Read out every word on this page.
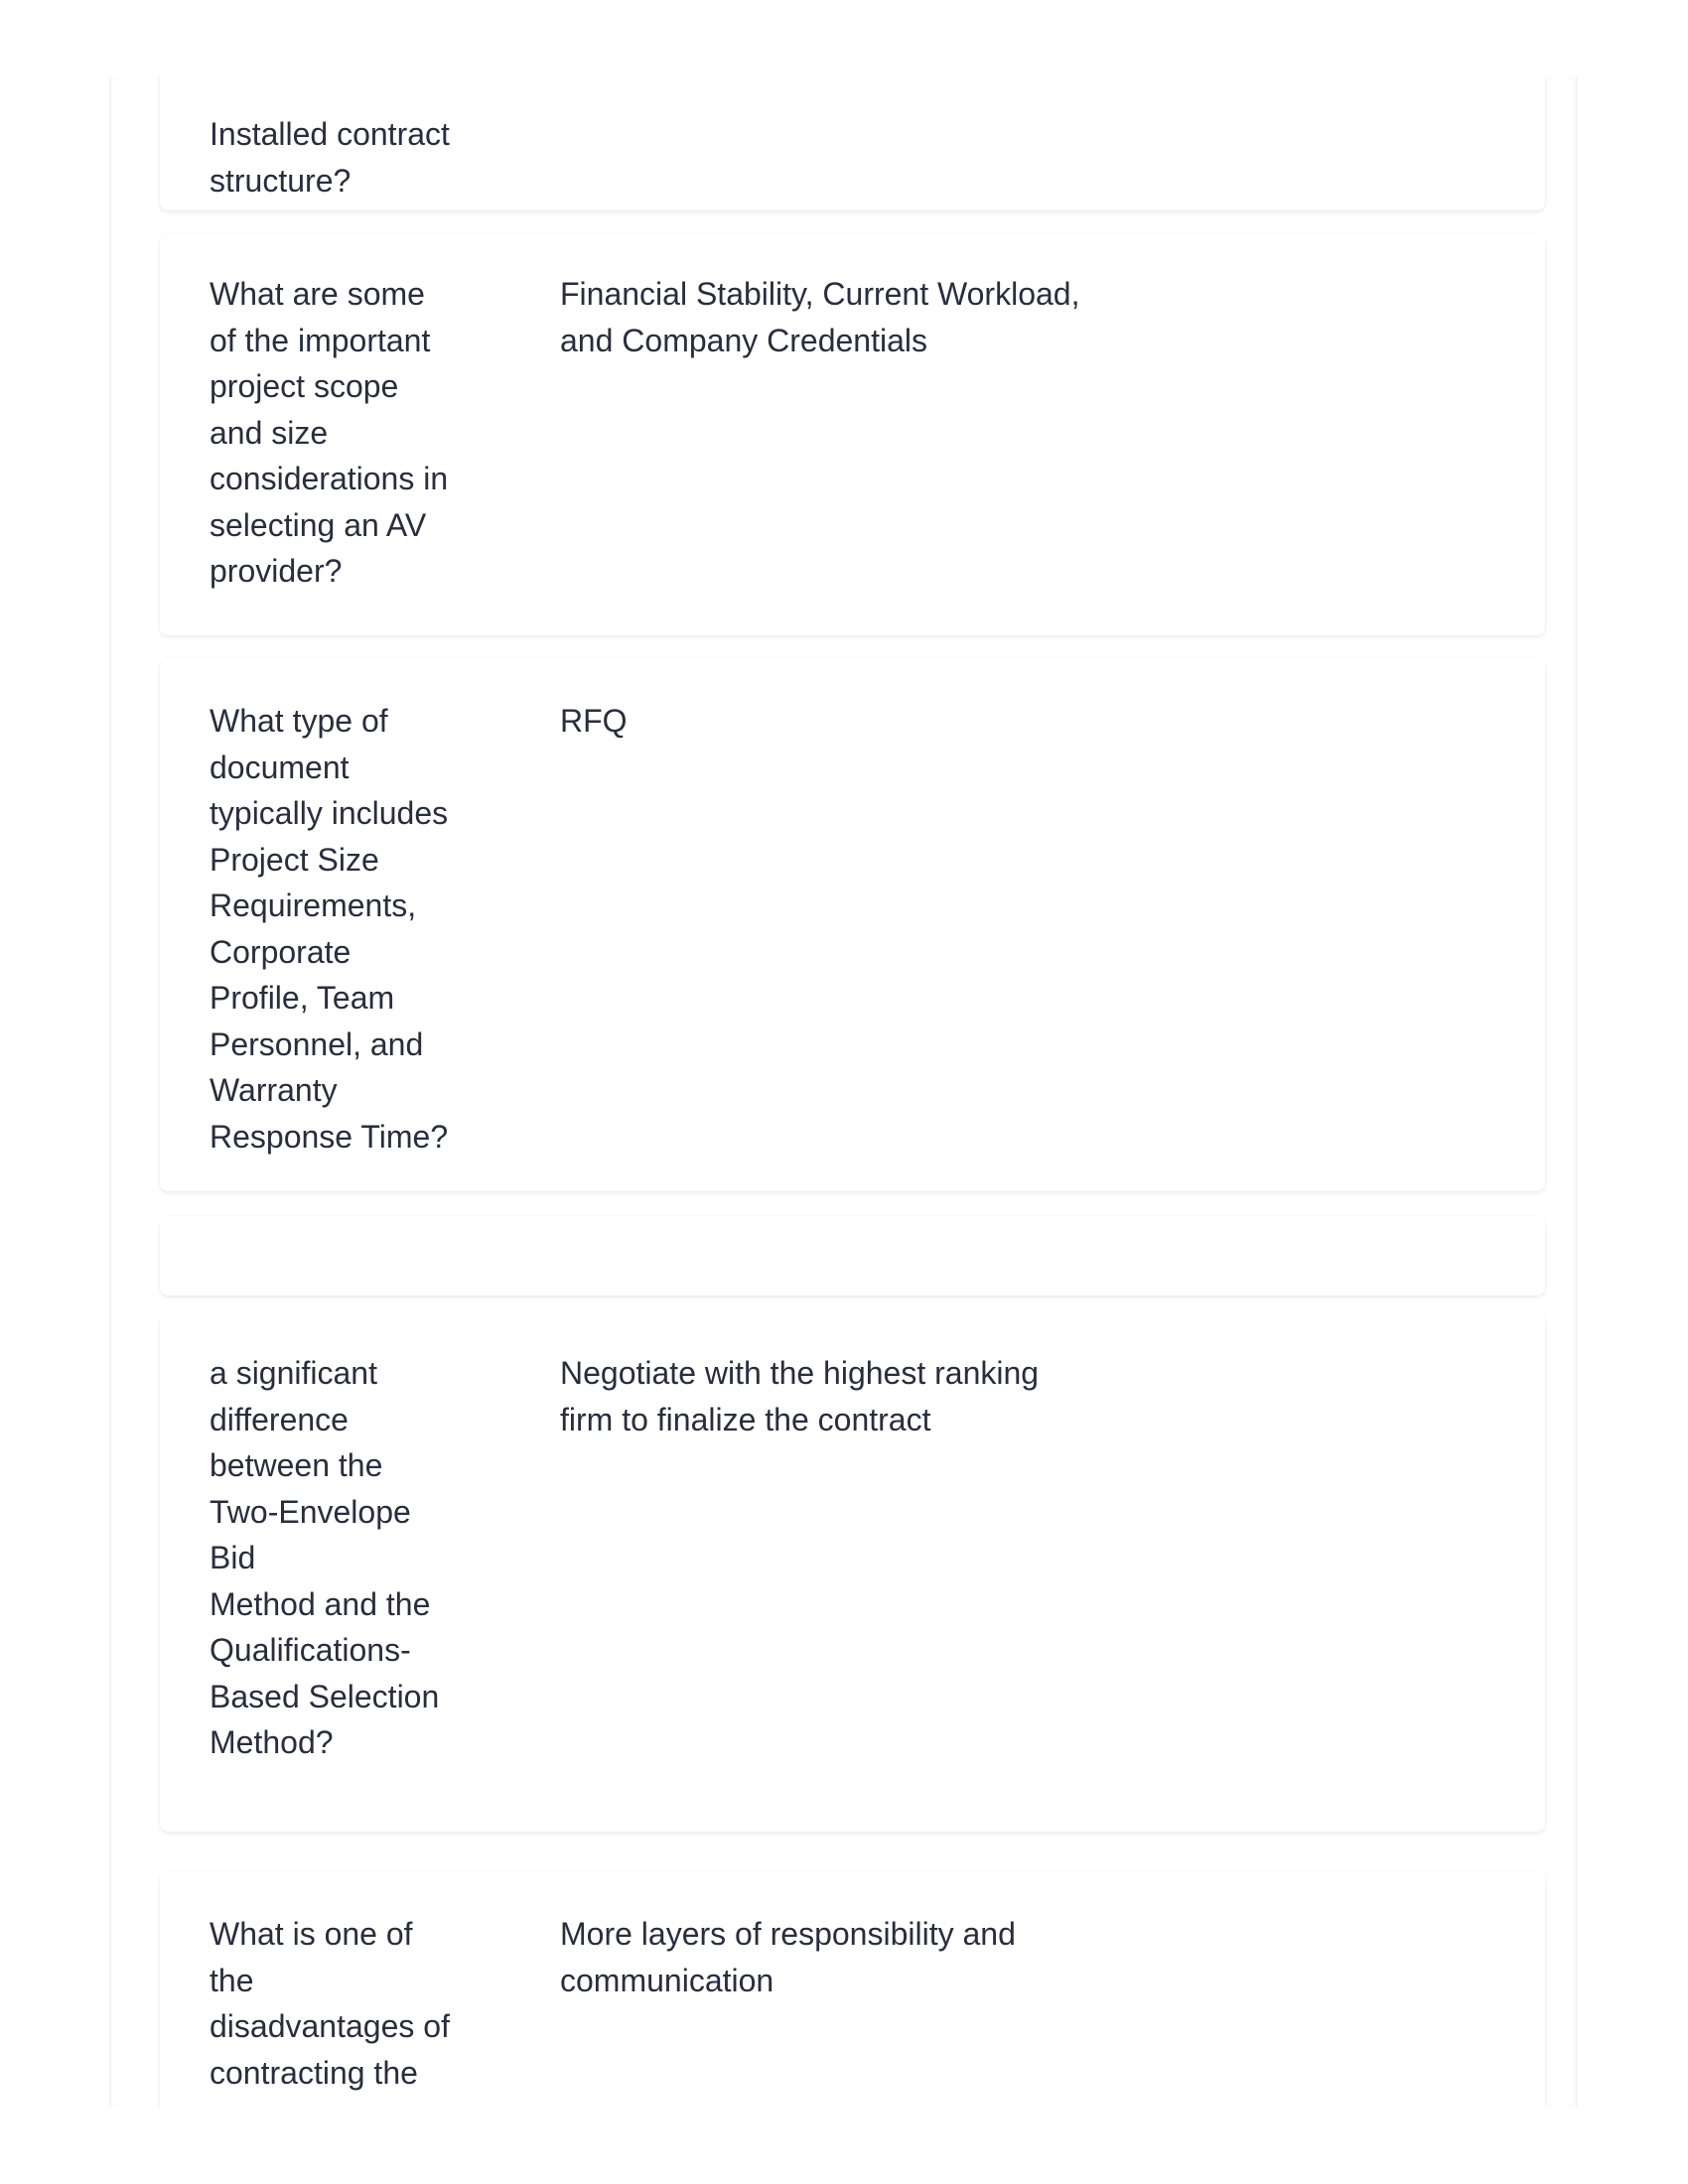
Installed contract
structure?
What are some
of the important
project scope
and size
considerations in
selecting an AV
provider?
Financial Stability, Current Workload,
and Company Credentials
What type of
document
typically includes
Project Size
Requirements,
Corporate
Profile, Team
Personnel, and
Warranty
Response Time?
RFQ
a significant
difference
between the
Two-Envelope
Bid
Method and the
Qualifications-
Based Selection
Method?
Negotiate with the highest ranking
firm to finalize the contract
What is one of
the
disadvantages of
contracting the
More layers of responsibility and
communication
